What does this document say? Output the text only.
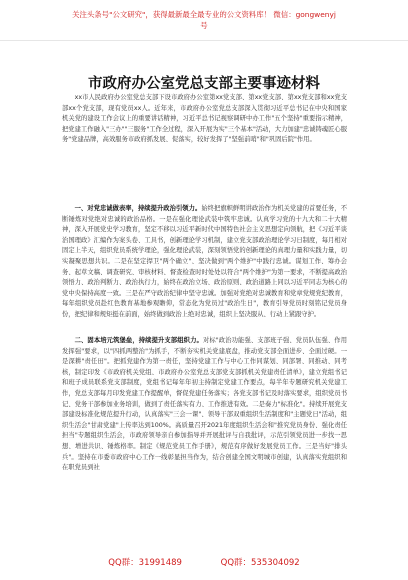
关注头条号"公文研究"，获得最新最全最专业的公文资料库！ 微信：gongwenyj
号
市政府办公室党总支部主要事迹材料

xx市人民政府办公室党总支部下设市政府办公室第xx党支部、第xx党支部、第xx党支部和xx党支部xx个党支部，现有党员xx人。近年来，市政府办公室党总支部深入贯彻习近平总书记在中央和国家机关党的建设工作会议上的重要讲话精神，习近平总书记视察调研中办工作"五个坚持"重要指示精神，把党建工作融入"三办""三服务"工作全过程，深入开展为实"三个基本"活动，大力加建"忠诚铸魂匠心服务"党建品牌，高效服务市政府抓发展、促落实，较好发挥了"坚强前哨"和"巩固后院"作用。

一、对党忠诚做表率，持续提升政治引领力。始终把旗帜鲜明讲政治作为机关党建的首要任务，不断锤炼对党绝对忠诚的政治品格。一是在强化理论武装中筑牢忠诚。认真学习党的十九大和二十大精神，深入开展党史学习教育，坚定不移以习近平新时代中国特色社会主义思想定向领航，把《习近平谈治国理政》汇编作为案头卷、工具书，创新理论学习机制，建立党支部政治理论学习日制度，每月相对固定上半天，组织党员系统学理论，强化理论武装，深刻领悟党的创新理论的真理力量和实践力量，切实凝聚思想共识。二是在坚定捍卫"两个确立"、坚决做到"两个维护"中践行忠诚。谋划工作、筹办会务、起草文稿、调查研究、审核材料、督查检查时时处处以符合"两个维护"为第一要求，不断提高政治领悟力、政治判断力、政治执行力，始终在政治立场、政治原则、政治道路上同以习近平同志为核心的党中央保持高度一致。三是在严守政治纪律中坚守忠诚。加强对党绝对忠诚教育和党章党规党纪教育，每年组织党员赴红色教育基地参观瞻仰，常态化为党员过"政治生日"，教育引导党员时刻铭记党员身份，把纪律和规矩挺在前面，始终做到政治上绝对忠诚，组织上坚决服从、行动上紧跟守护。

二、固本培元筑堡垒，持续提升支部组织力。对标"政治功能强、支部班子强、党员队伍强、作用发挥强"要求，以"四抓两整治"为抓手，不断夯实机关党建底盘，推动党支部全面进步、全面过硬。一是深耕"责任田"。把抓党建作为第一责任，坚持党建工作与中心工作同谋划、同部署、同推动、同考核，制定印发《市政府机关党组、市政府办公室党总支部党支部抓机关党建责任清单》，建立党组书记和班子成员联系党支部制度，党组书记每年年初主持制定党建工作要点，每半年专题研究机关党建工作，党总支部每月印发党建工作提醒单，督促党建任务落实；各党支部书记及时落实要求，组织党员书记、党务干部参加业务培训，做到了责任落实有力、工作推进有效。二是奏力"标准化"。持续开展党支部建设标准化规范提升行动，认真落实"三会一课"、领导干部双重组织生活制度和"主题党日"活动，组织生活会"甘肃党建"上传率达到100%。高质量召开2021年度组织生活会和"推究党员身份、强化责任担当"专题组织生活会，市政府领导亲自参加指导并开展批评与自我批评，示范引领党员进一步找一思想、增进共识、锤炼格率。制定《规范党员工作手册》，规范有序做好发展党员工作。三是当好"排头兵"。坚持在市委市政府中心工作一线彰显担当作为，结合创建全国文明城市创建，认真落实党组织和在职党员到社

QQ群：31991489	QQ群：535304092
